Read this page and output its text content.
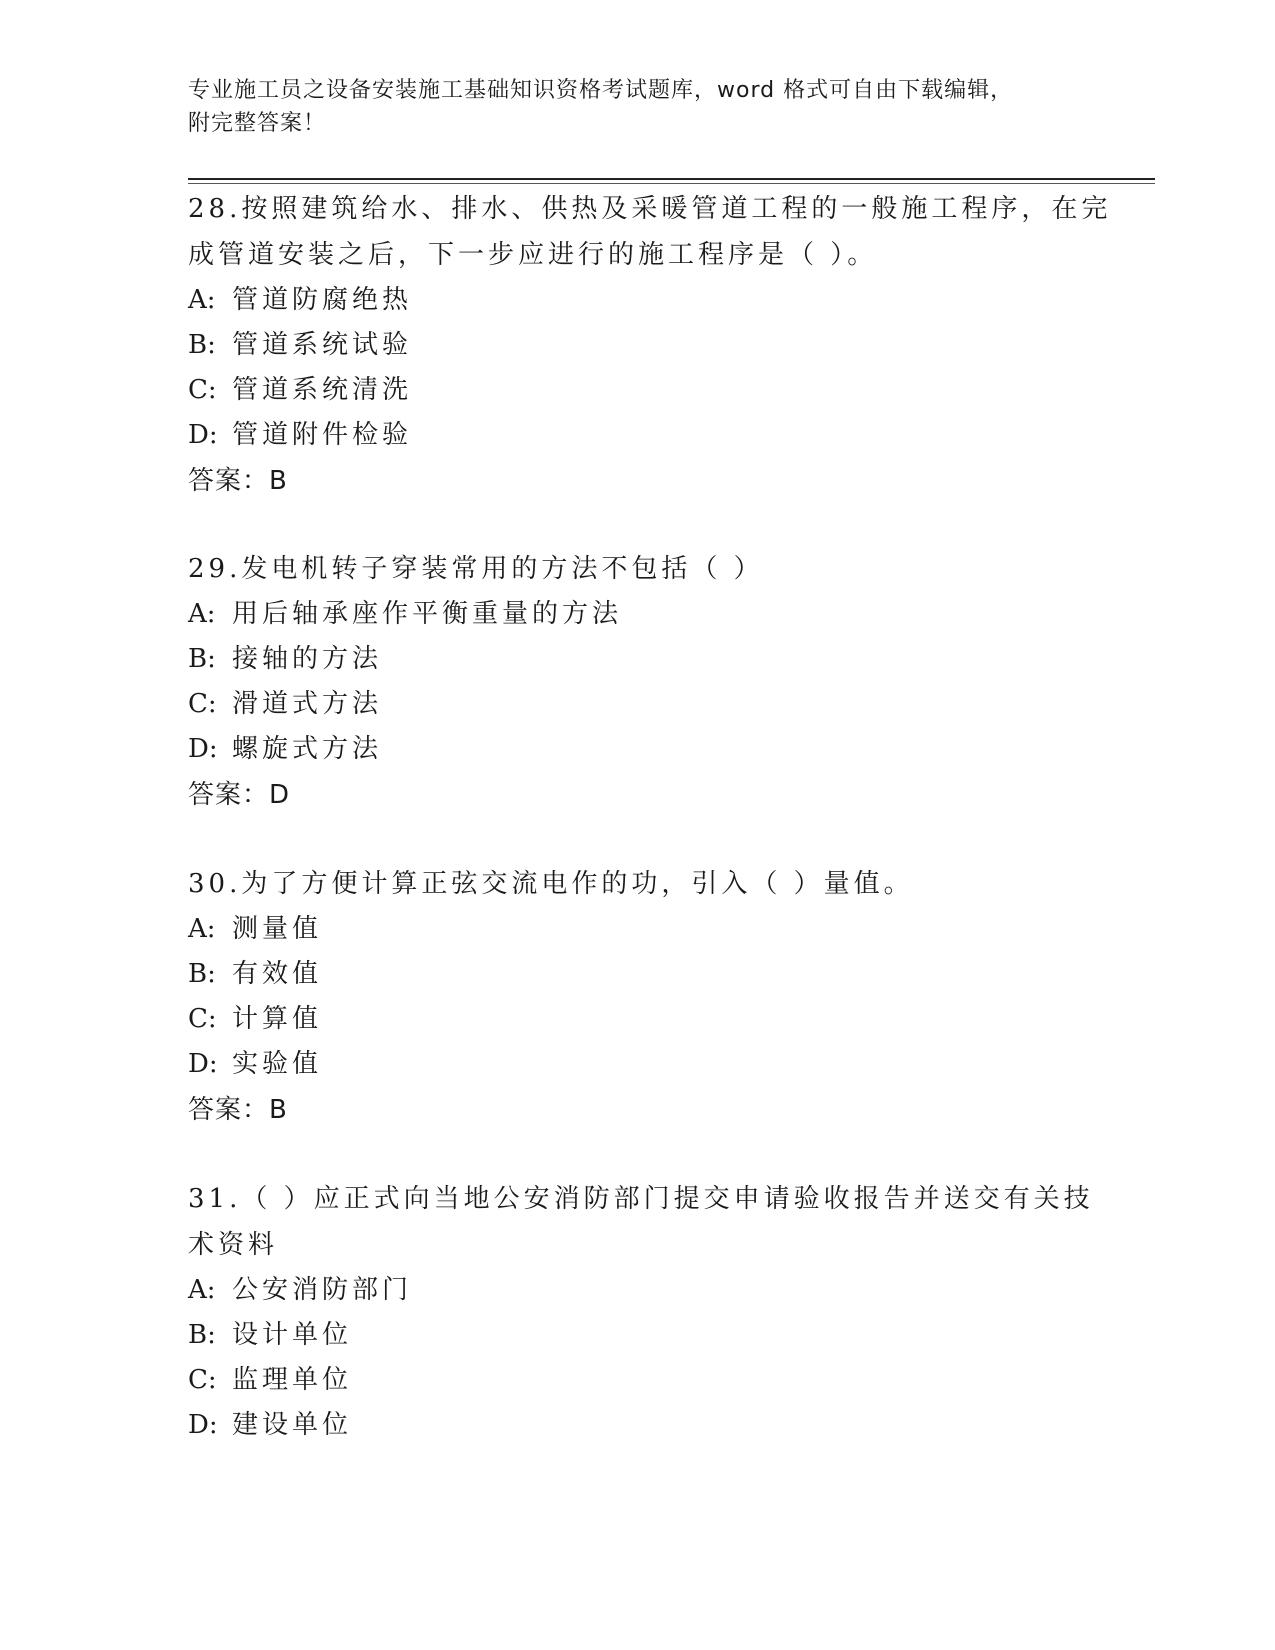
专业施工员之设备安装施工基础知识资格考试题库，word 格式可自由下载编辑，
附完整答案！
28.按照建筑给水、排水、供热及采暖管道工程的一般施工程序，在完
成管道安装之后，下一步应进行的施工程序是（ ）。
A: 管道防腐绝热
B: 管道系统试验
C: 管道系统清洗
D: 管道附件检验
答案：B
29.发电机转子穿装常用的方法不包括（ ）
A: 用后轴承座作平衡重量的方法
B: 接轴的方法
C: 滑道式方法
D: 螺旋式方法
答案：D
30.为了方便计算正弦交流电作的功，引入（ ）量值。
A: 测量值
B: 有效值
C: 计算值
D: 实验值
答案：B
31.（ ）应正式向当地公安消防部门提交申请验收报告并送交有关技
术资料
A: 公安消防部门
B: 设计单位
C: 监理单位
D: 建设单位
